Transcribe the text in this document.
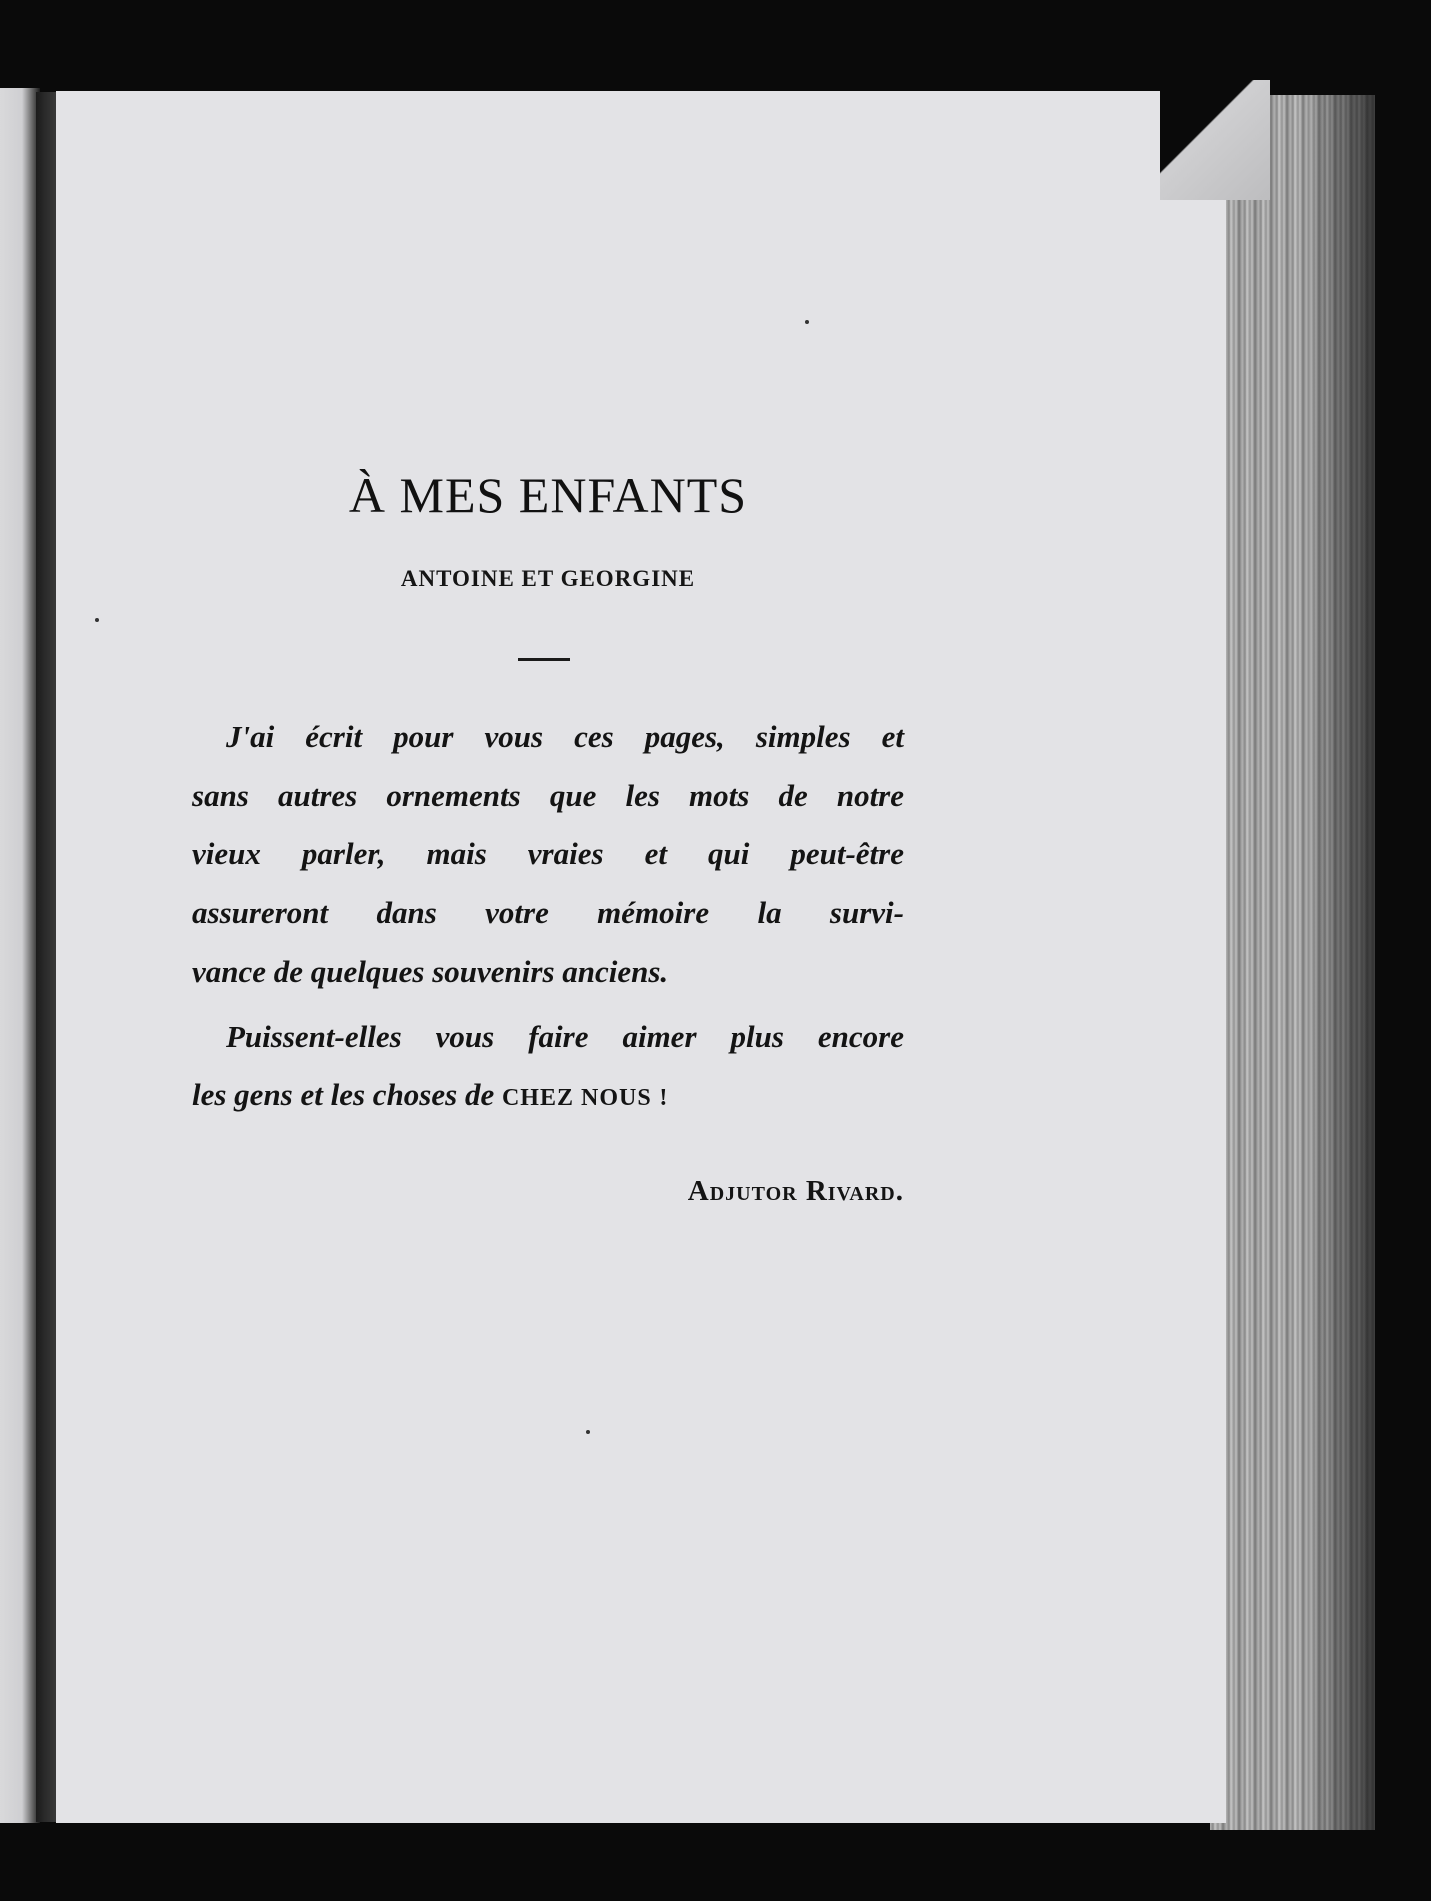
À MES ENFANTS
ANTOINE ET GEORGINE
J'ai écrit pour vous ces pages, simples et
sans autres ornements que les mots de notre
vieux parler, mais vraies et qui peut-être
assureront dans votre mémoire la survi-
vance de quelques souvenirs anciens.
Puissent-elles vous faire aimer plus encore
les gens et les choses de CHEZ NOUS !
Adjutor Rivard.
